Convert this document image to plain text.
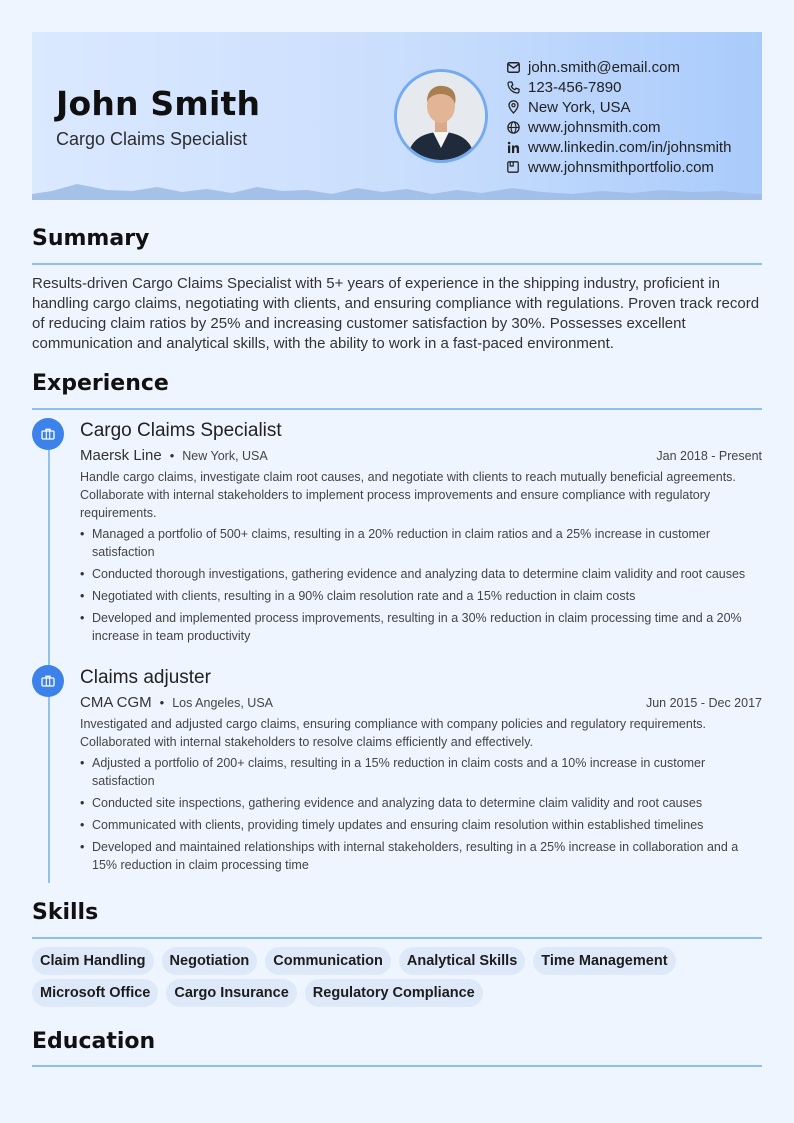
John Smith
Cargo Claims Specialist
john.smith@email.com
123-456-7890
New York, USA
www.johnsmith.com
www.linkedin.com/in/johnsmith
www.johnsmithportfolio.com
Summary
Results-driven Cargo Claims Specialist with 5+ years of experience in the shipping industry, proficient in handling cargo claims, negotiating with clients, and ensuring compliance with regulations. Proven track record of reducing claim ratios by 25% and increasing customer satisfaction by 30%. Possesses excellent communication and analytical skills, with the ability to work in a fast-paced environment.
Experience
Cargo Claims Specialist
Maersk Line • New York, USA	Jan 2018 - Present
Handle cargo claims, investigate claim root causes, and negotiate with clients to reach mutually beneficial agreements. Collaborate with internal stakeholders to implement process improvements and ensure compliance with regulatory requirements.
• Managed a portfolio of 500+ claims, resulting in a 20% reduction in claim ratios and a 25% increase in customer satisfaction
• Conducted thorough investigations, gathering evidence and analyzing data to determine claim validity and root causes
• Negotiated with clients, resulting in a 90% claim resolution rate and a 15% reduction in claim costs
• Developed and implemented process improvements, resulting in a 30% reduction in claim processing time and a 20% increase in team productivity
Claims adjuster
CMA CGM • Los Angeles, USA	Jun 2015 - Dec 2017
Investigated and adjusted cargo claims, ensuring compliance with company policies and regulatory requirements. Collaborated with internal stakeholders to resolve claims efficiently and effectively.
• Adjusted a portfolio of 200+ claims, resulting in a 15% reduction in claim costs and a 10% increase in customer satisfaction
• Conducted site inspections, gathering evidence and analyzing data to determine claim validity and root causes
• Communicated with clients, providing timely updates and ensuring claim resolution within established timelines
• Developed and maintained relationships with internal stakeholders, resulting in a 25% increase in collaboration and a 15% reduction in claim processing time
Skills
Claim Handling	Negotiation	Communication	Analytical Skills	Time Management
Microsoft Office	Cargo Insurance	Regulatory Compliance
Education
